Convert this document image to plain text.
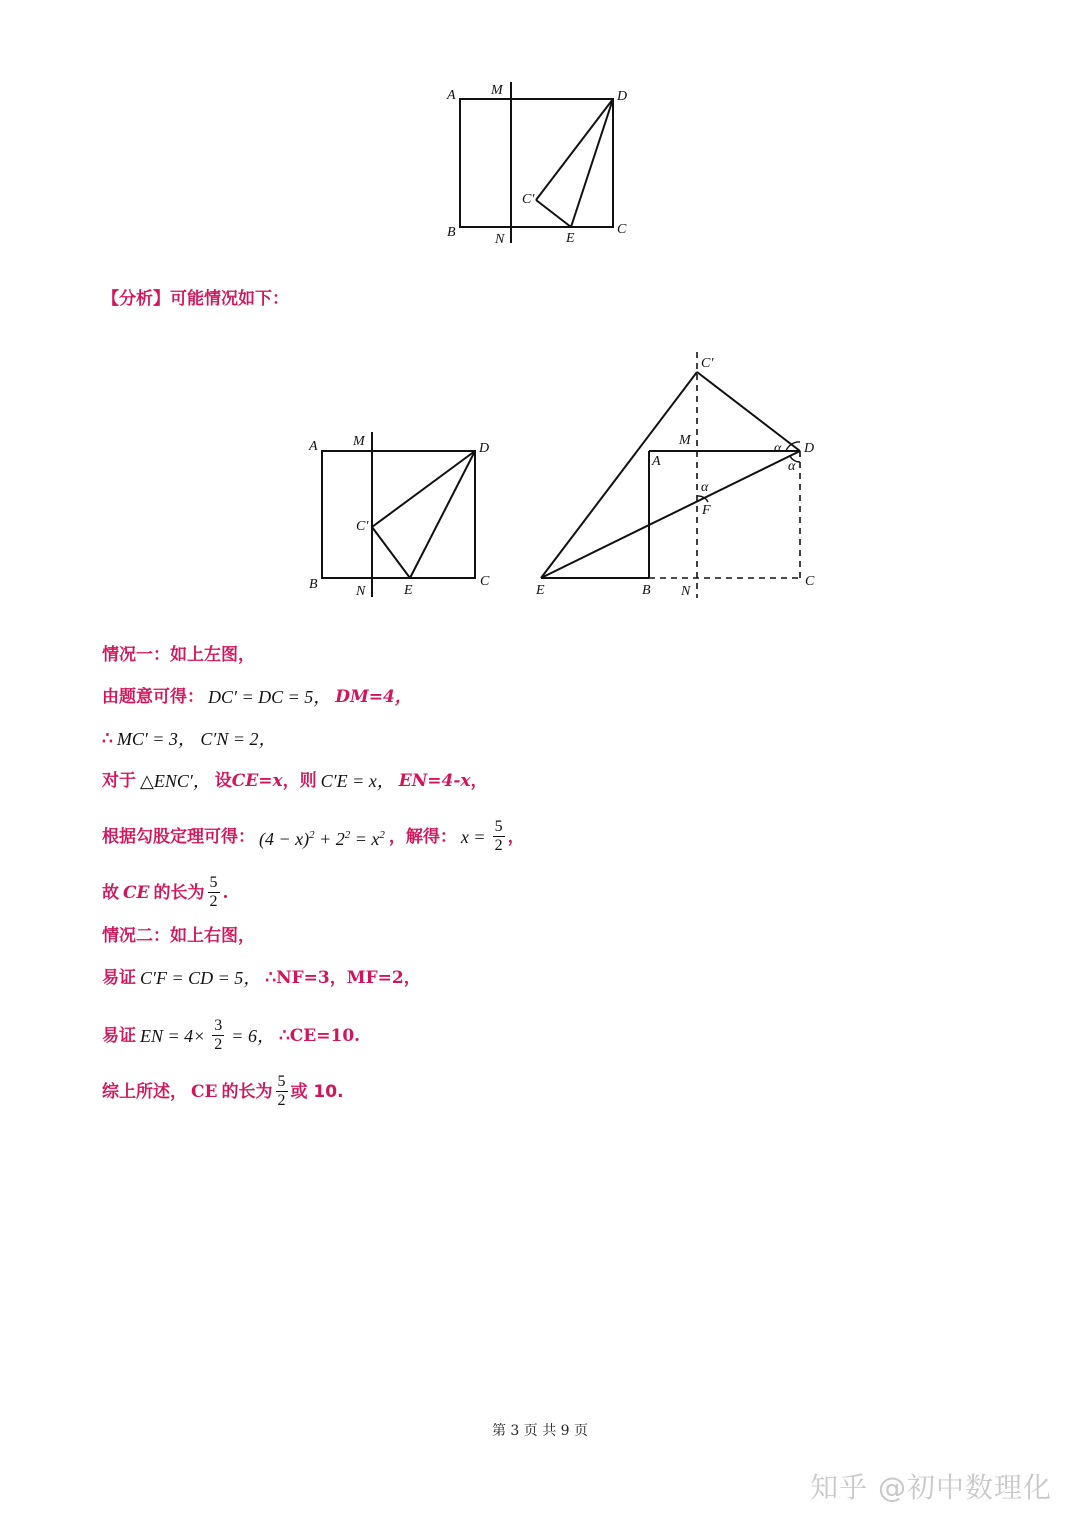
A	M	D
C′
B	N	E
C
【分析】 可能情况如下：
A	M	D
C′
B	N	E
C
C′
M
A
D
α
α
α
F
E	B N
C
情况一：如上左图，
由题意可得： DC′ = DC = 5， DM=4，
∴ MC′ = 3， C′N = 2，
对于 △ENC′， 设 CE=x ，则 C′E = x， EN=4-x ，
根据勾股定理可得： $(4 - x)^2 + 2^2 = x^2$ ，解得： $x = \frac{5}{2}$ ，
故 CE 的长为 $\frac{5}{2}$ .
情况二：如上右图，
易证 C′F = CD = 5， ∴NF=3，MF=2，
易证 EN = $4\times \frac{3}{2} = 6$， ∴CE=10.
综上所述， CE 的长为 $\frac{5}{2}$ 或 10.
第 3 页 共 9 页
知乎 @初中数理化
